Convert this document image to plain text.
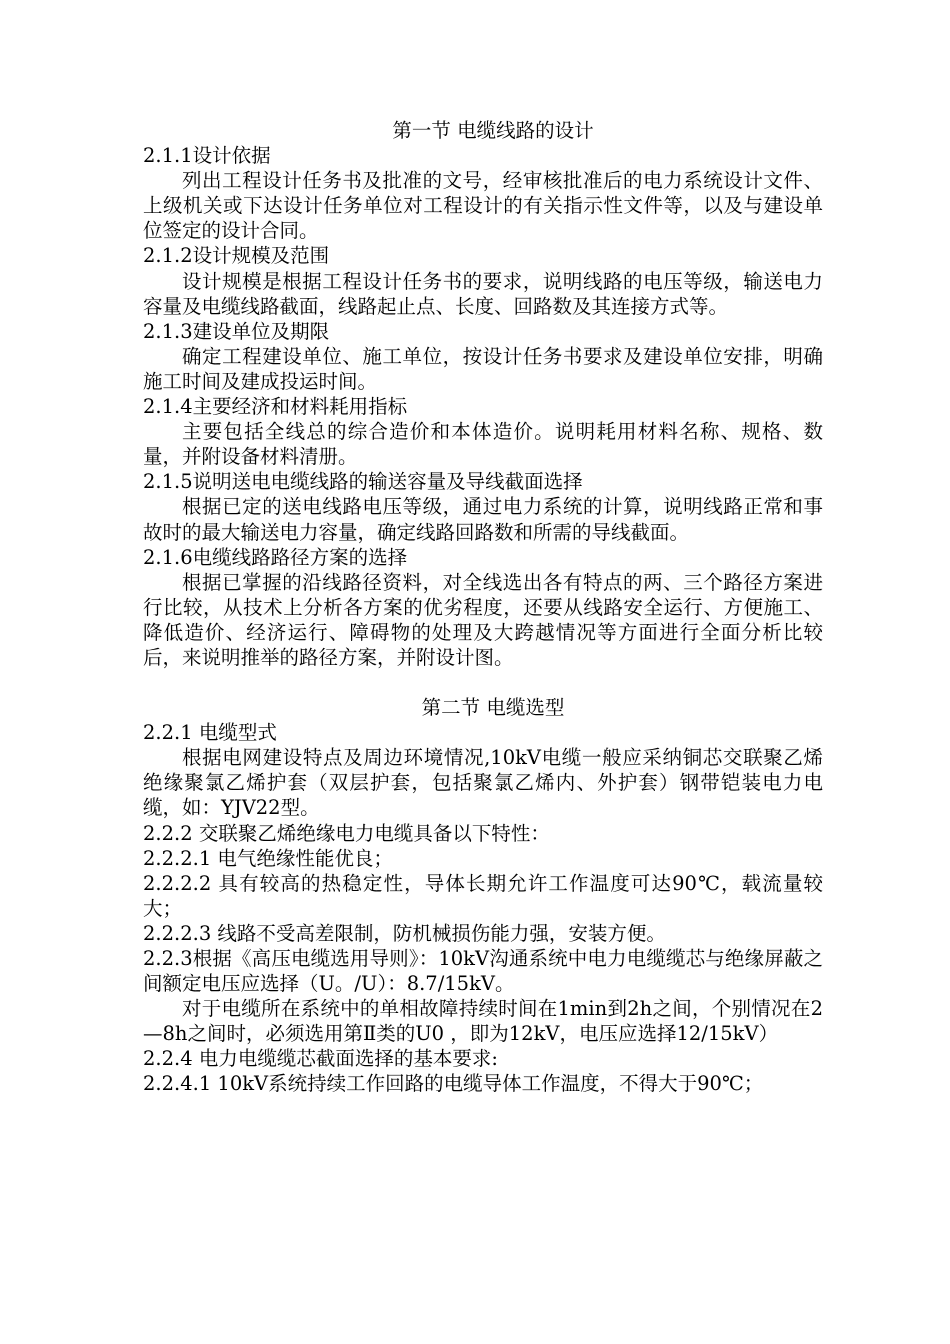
第一节 电缆线路的设计

2.1.1设计依据

列出工程设计任务书及批准的文号，经审核批准后的电力系统设计文件、上级机关或下达设计任务单位对工程设计的有关指示性文件等，以及与建设单位签定的设计合同。

2.1.2设计规模及范围

设计规模是根据工程设计任务书的要求，说明线路的电压等级，输送电力容量及电缆线路截面，线路起止点、长度、回路数及其连接方式等。

2.1.3建设单位及期限

确定工程建设单位、施工单位，按设计任务书要求及建设单位安排，明确施工时间及建成投运时间。

2.1.4主要经济和材料耗用指标

主要包括全线总的综合造价和本体造价。说明耗用材料名称、规格、数量，并附设备材料清册。

2.1.5说明送电电缆线路的输送容量及导线截面选择

根据已定的送电线路电压等级，通过电力系统的计算，说明线路正常和事故时的最大输送电力容量，确定线路回路数和所需的导线截面。

2.1.6电缆线路路径方案的选择

根据已掌握的沿线路径资料，对全线选出各有特点的两、三个路径方案进行比较，从技术上分析各方案的优劣程度，还要从线路安全运行、方便施工、降低造价、经济运行、障碍物的处理及大跨越情况等方面进行全面分析比较后，来说明推举的路径方案，并附设计图。

第二节 电缆选型

2.2.1 电缆型式

根据电网建设特点及周边环境情况,10kV电缆一般应采纳铜芯交联聚乙烯绝缘聚氯乙烯护套（双层护套，包括聚氯乙烯内、外护套）钢带铠装电力电缆，如：YJV22型。

2.2.2 交联聚乙烯绝缘电力电缆具备以下特性：

2.2.2.1 电气绝缘性能优良；

2.2.2.2 具有较高的热稳定性，导体长期允许工作温度可达90℃，载流量较大；

2.2.2.3 线路不受高差限制，防机械损伤能力强，安装方便。

2.2.3根据《高压电缆选用导则》：10kV沟通系统中电力电缆缆芯与绝缘屏蔽之间额定电压应选择（U。/U）：8.7/15kV。

对于电缆所在系统中的单相故障持续时间在1min到2h之间，个别情况在2—8h之间时，必须选用第Ⅱ类的U0 ，即为12kV，电压应选择12/15kV）

2.2.4 电力电缆缆芯截面选择的基本要求:

2.2.4.1 10kV系统持续工作回路的电缆导体工作温度，不得大于90℃；
